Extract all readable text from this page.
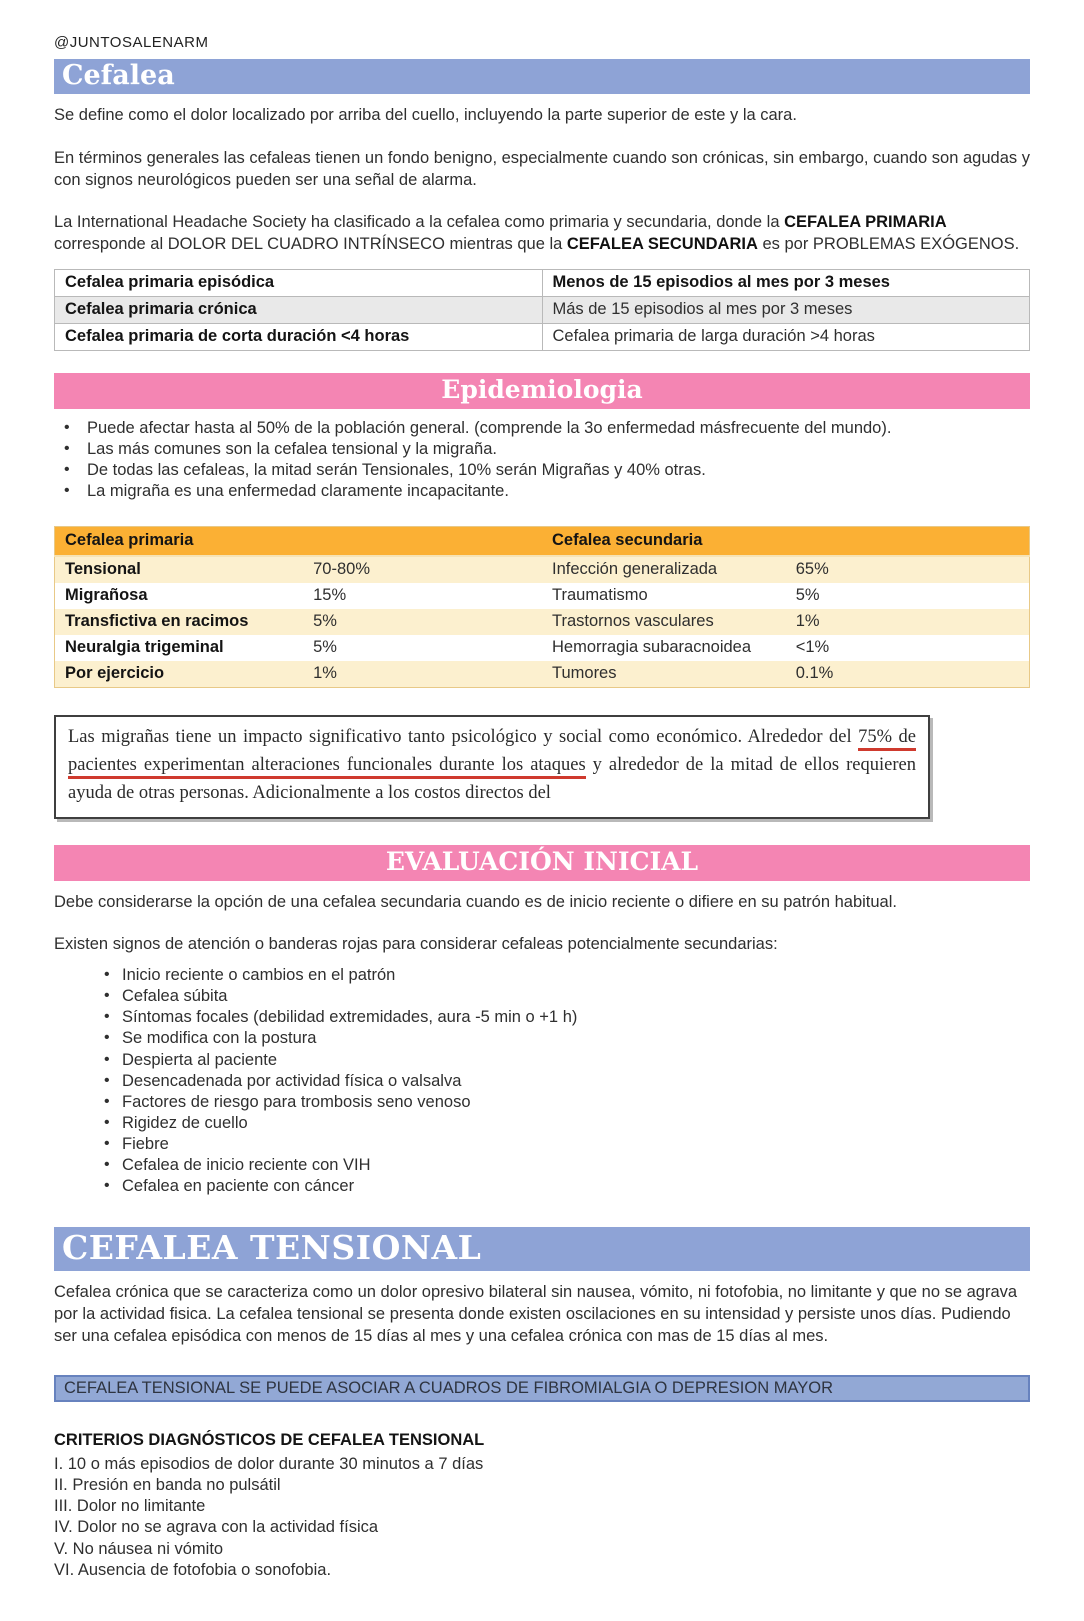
@JUNTOSALENARM
Cefalea

Se define como el dolor localizado por arriba del cuello, incluyendo la parte superior de este y la cara.

En términos generales las cefaleas tienen un fondo benigno, especialmente cuando son crónicas, sin embargo, cuando son agudas y con signos neurológicos pueden ser una señal de alarma.

La International Headache Society ha clasificado a la cefalea como primaria y secundaria, donde la CEFALEA PRIMARIA corresponde al DOLOR DEL CUADRO INTRÍNSECO mientras que la CEFALEA SECUNDARIA es por PROBLEMAS EXÓGENOS.

Cefalea primaria episódica	Menos de 15 episodios al mes por 3 meses
Cefalea primaria crónica	Más de 15 episodios al mes por 3 meses
Cefalea primaria de corta duración <4 horas	Cefalea primaria de larga duración >4 horas
Epidemiologia
• Puede afectar hasta al 50% de la población general. (comprende la 3o enfermedad másfrecuente del mundo).
• Las más comunes son la cefalea tensional y la migraña.
• De todas las cefaleas, la mitad serán Tensionales, 10% serán Migrañas y 40% otras.
• La migraña es una enfermedad claramente incapacitante.
Cefalea primaria		Cefalea secundaria	
Tensional	70-80%	Infección generalizada	65%
Migrañosa	15%	Traumatismo	5%
Transfictiva en racimos	5%	Trastornos vasculares	1%
Neuralgia trigeminal	5%	Hemorragia subaracnoidea	<1%
Por ejercicio	1%	Tumores	0.1%
Las migrañas tiene un impacto significativo tanto psicológico y social como económico. Alrededor del 75% de pacientes experimentan alteraciones funcionales durante los ataques y alrededor de la mitad de ellos requieren ayuda de otras personas. Adicionalmente a los costos directos del
EVALUACIÓN INICIAL

Debe considerarse la opción de una cefalea secundaria cuando es de inicio reciente o difiere en su patrón habitual.

Existen signos de atención o banderas rojas para considerar cefaleas potencialmente secundarias:

• Inicio reciente o cambios en el patrón
• Cefalea súbita
• Síntomas focales (debilidad extremidades, aura -5 min o +1 h)
• Se modifica con la postura
• Despierta al paciente
• Desencadenada por actividad física o valsalva
• Factores de riesgo para trombosis seno venoso
• Rigidez de cuello
• Fiebre
• Cefalea de inicio reciente con VIH
• Cefalea en paciente con cáncer
CEFALEA TENSIONAL

Cefalea crónica que se caracteriza como un dolor opresivo bilateral sin nausea, vómito, ni fotofobia, no limitante y que no se agrava por la actividad fisica. La cefalea tensional se presenta donde existen oscilaciones en su intensidad y persiste unos días. Pudiendo ser una cefalea episódica con menos de 15 días al mes y una cefalea crónica con mas de 15 días al mes.

CEFALEA TENSIONAL SE PUEDE ASOCIAR A CUADROS DE FIBROMIALGIA O DEPRESION MAYOR

CRITERIOS DIAGNÓSTICOS DE CEFALEA TENSIONAL

I. 10 o más episodios de dolor durante 30 minutos a 7 días
II. Presión en banda no pulsátil
III. Dolor no limitante
IV. Dolor no se agrava con la actividad física
V. No náusea ni vómito
VI. Ausencia de fotofobia o sonofobia.
